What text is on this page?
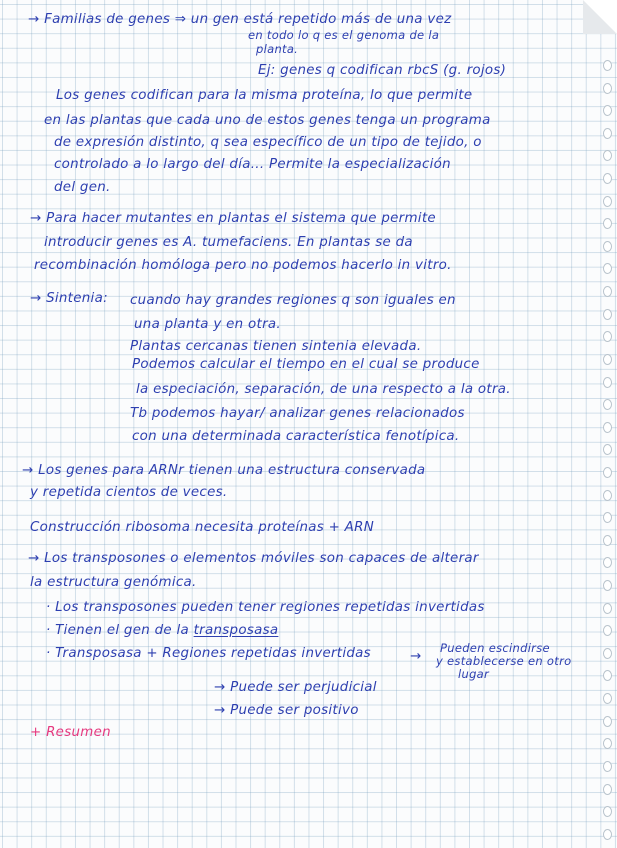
→ Familias de genes ⇒ un gen está repetido más de una vez
en todo lo q es el genoma de la
planta.
Ej: genes q codifican rbcS (g. rojos)
Los genes codifican para la misma proteína, lo que permite
en las plantas que cada uno de estos genes tenga un programa
de expresión distinto, q sea específico de un tipo de tejido, o
controlado a lo largo del día... Permite la especialización
del gen.
→ Para hacer mutantes en plantas el sistema que permite
introducir genes es A. tumefaciens. En plantas se da
recombinación homóloga pero no podemos hacerlo in vitro.
→ Sintenia: cuando hay grandes regiones q son iguales en
una planta y en otra.
Plantas cercanas tienen sintenia elevada.
Podemos calcular el tiempo en el cual se produce
la especiación, separación, de una respecto a la otra.
Tb podemos hayar/ analizar genes relacionados
con una determinada característica fenotípica.
→ Los genes para ARNr tienen una estructura conservada
y repetida cientos de veces.
Construcción ribosoma necesita proteínas + ARN
→ Los transposones o elementos móviles son capaces de alterar
la estructura genómica.
· Los transposones pueden tener regiones repetidas invertidas
· Tienen el gen de la transposasa
· Transposasa + Regiones repetidas invertidas	→
Pueden escindirse
y establecerse en otro
lugar
→ Puede ser perjudicial
→ Puede ser positivo
+ Resumen
